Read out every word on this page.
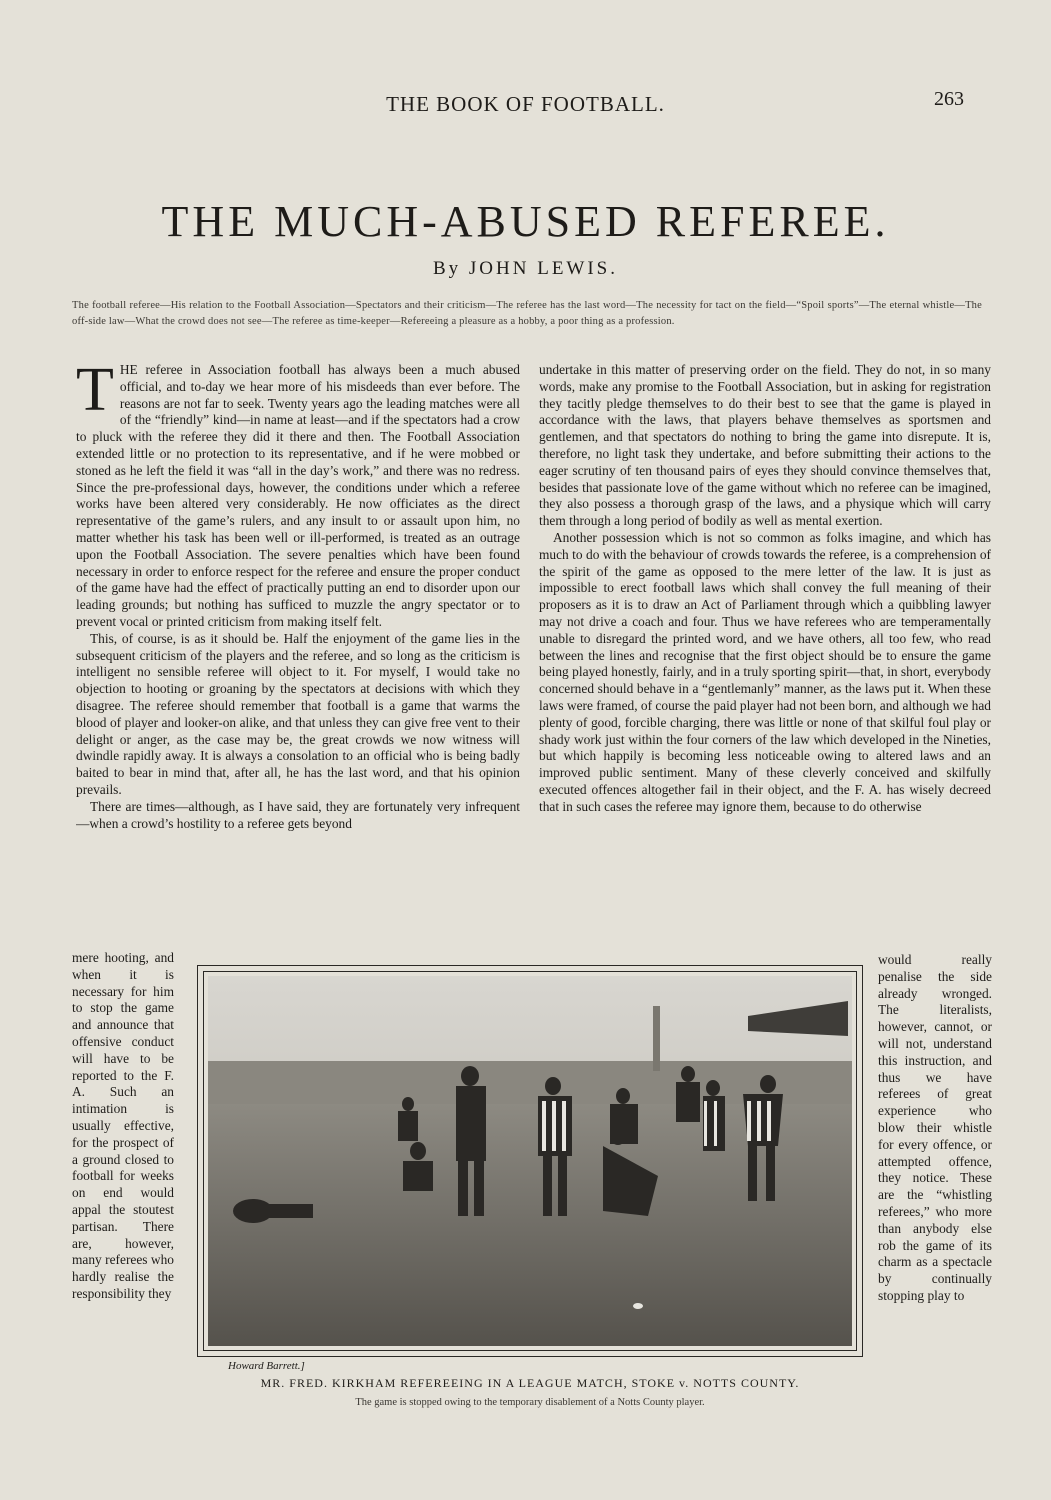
THE BOOK OF FOOTBALL.	263
THE MUCH-ABUSED REFEREE.
By JOHN LEWIS.
The football referee—His relation to the Football Association—Spectators and their criticism—The referee has the last word—The necessity for tact on the field—“Spoil sports”—The eternal whistle—The off-side law—What the crowd does not see—The referee as time-keeper—Refereeing a pleasure as a hobby, a poor thing as a profession.

THE referee in Association football has always been a much abused official, and to-day we hear more of his misdeeds than ever before. The reasons are not far to seek. Twenty years ago the leading matches were all of the “friendly” kind—in name at least—and if the spectators had a crow to pluck with the referee they did it there and then. The Football Association extended little or no protection to its representative, and if he were mobbed or stoned as he left the field it was “all in the day’s work,” and there was no redress. Since the pre-professional days, however, the conditions under which a referee works have been altered very considerably. He now officiates as the direct representative of the game’s rulers, and any insult to or assault upon him, no matter whether his task has been well or ill-performed, is treated as an outrage upon the Football Association. The severe penalties which have been found necessary in order to enforce respect for the referee and ensure the proper conduct of the game have had the effect of practically putting an end to disorder upon our leading grounds; but nothing has sufficed to muzzle the angry spectator or to prevent vocal or printed criticism from making itself felt.

This, of course, is as it should be. Half the enjoyment of the game lies in the subsequent criticism of the players and the referee, and so long as the criticism is intelligent no sensible referee will object to it. For myself, I would take no objection to hooting or groaning by the spectators at decisions with which they disagree. The referee should remember that football is a game that warms the blood of player and looker-on alike, and that unless they can give free vent to their delight or anger, as the case may be, the great crowds we now witness will dwindle rapidly away. It is always a consolation to an official who is being badly baited to bear in mind that, after all, he has the last word, and that his opinion prevails.

There are times—although, as I have said, they are fortunately very infrequent—when a crowd’s hostility to a referee gets beyond

undertake in this matter of preserving order on the field. They do not, in so many words, make any promise to the Football Association, but in asking for registration they tacitly pledge themselves to do their best to see that the game is played in accordance with the laws, that players behave themselves as sportsmen and gentlemen, and that spectators do nothing to bring the game into disrepute. It is, therefore, no light task they undertake, and before submitting their actions to the eager scrutiny of ten thousand pairs of eyes they should convince themselves that, besides that passionate love of the game without which no referee can be imagined, they also possess a thorough grasp of the laws, and a physique which will carry them through a long period of bodily as well as mental exertion.

Another possession which is not so common as folks imagine, and which has much to do with the behaviour of crowds towards the referee, is a comprehension of the spirit of the game as opposed to the mere letter of the law. It is just as impossible to erect football laws which shall convey the full meaning of their proposers as it is to draw an Act of Parliament through which a quibbling lawyer may not drive a coach and four. Thus we have referees who are temperamentally unable to disregard the printed word, and we have others, all too few, who read between the lines and recognise that the first object should be to ensure the game being played honestly, fairly, and in a truly sporting spirit—that, in short, everybody concerned should behave in a “gentlemanly” manner, as the laws put it. When these laws were framed, of course the paid player had not been born, and although we had plenty of good, forcible charging, there was little or none of that skilful foul play or shady work just within the four corners of the law which developed in the Nineties, but which happily is becoming less noticeable owing to altered laws and an improved public sentiment. Many of these cleverly conceived and skilfully executed offences altogether fail in their object, and the F. A. has wisely decreed that in such cases the referee may ignore them, because to do otherwise

mere hooting, and when it is necessary for him to stop the game and announce that offensive conduct will have to be reported to the F. A. Such an intimation is usually effective, for the prospect of a ground closed to football for weeks on end would appal the stoutest partisan. There are, however, many referees who hardly realise the responsibility they

would really penalise the side already wronged. The literalists, however, cannot, or will not, understand this instruction, and thus we have referees of great experience who blow their whistle for every offence, or attempted offence, they notice. These are the “whistling referees,” who more than anybody else rob the game of its charm as a spectacle by continually stopping play to

Howard Barrett.]
MR. FRED. KIRKHAM REFEREEING IN A LEAGUE MATCH, STOKE v. NOTTS COUNTY.
The game is stopped owing to the temporary disablement of a Notts County player.
